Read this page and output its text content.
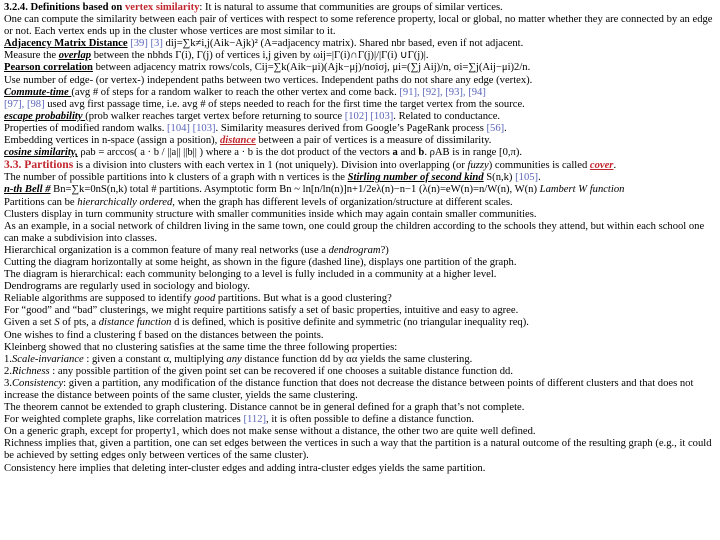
3.2.4. Definitions based on vertex similarity: It is natural to assume that communities are groups of similar vertices.
One can compute the similarity between each pair of vertices with respect to some reference property, local or global, no matter whether they are connected by an edge or not. Each vertex ends up in the cluster whose vertices are most similar to it.
Adjacency Matrix Distance [39] [3] dij=∑k≠i,j(Aik−Ajk)² (A=adjacency matrix). Shared nbr based, even if not adjacent.
Measure the overlap between the nbhds Γ(i), Γ(j) of vertices i,j given by ωij=|Γ(i)∩Γ(j)|/|Γ(i) ∪Γ(j)|.
Pearson correlation between adjacency matrix rows/cols, Cij=∑k(Aik−μi)(Ajk−μj)/nσiσj, μi=(∑j Aij)/n, σi=∑j(Aij−μi)2/n.
Use number of edge- (or vertex-) independent paths between two vertices. Independent paths do not share any edge (vertex).
Commute-time (avg # of steps for a random walker to reach the other vertex and come back. [91], [92], [93], [94]
[97], [98] used avg first passage time, i.e. avg # of steps needed to reach for the first time the target vertex from the source.
escape probability (prob walker reaches target vertex before returning to source [102] [103]. Related to conductance.
Properties of modified random walks. [104] [103]. Similarity measures derived from Google’s PageRank process [56].
Embedding vertices in n-space (assign a position), distance between a pair of vertices is a measure of dissimilarity.
cosine similarity, ρab = arccos( a · b / ||a|| ||b|| ) where a · b is the dot product of the vectors a and b. ρAB is in range [0,π).
3.3. Partitions is a division into clusters with each vertex in 1 (not uniquely). Division into overlapping (or fuzzy) communities is called cover.
The number of possible partitions into k clusters of a graph with n vertices is the Stirling number of second kind S(n,k) [105].
n-th Bell # Bn=∑k=0nS(n,k) total # partitions. Asymptotic form Bn ~ ln[n/ln(n)]n+1/2eλ(n)−n−1 (λ(n)=eW(n)=n/W(n), W(n) Lambert W function
Partitions can be hierarchically ordered, when the graph has different levels of organization/structure at different scales.
Clusters display in turn community structure with smaller communities inside which may again contain smaller communities.
As an example, in a social network of children living in the same town, one could group the children according to the schools they attend, but within each school one can make a subdivision into classes.
Hierarchical organization is a common feature of many real networks (use a dendrogram?)
Cutting the diagram horizontally at some height, as shown in the figure (dashed line), displays one partition of the graph.
The diagram is hierarchical: each community belonging to a level is fully included in a community at a higher level.
Dendrograms are regularly used in sociology and biology.
Reliable algorithms are supposed to identify good partitions. But what is a good clustering?
For “good” and “bad” clusterings, we might require partitions satisfy a set of basic properties, intuitive and easy to agree.
Given a set S of pts, a distance function d is defined, which is positive definite and symmetric (no triangular inequality req).
One wishes to find a clustering f based on the distances between the points.
Kleinberg showed that no clustering satisfies at the same time the three following properties:
1.Scale-invariance : given a constant α, multiplying any distance function dd by αα yields the same clustering.
2.Richness : any possible partition of the given point set can be recovered if one chooses a suitable distance function dd.
3.Consistency: given a partition, any modification of the distance function that does not decrease the distance between points of different clusters and that does not increase the distance between points of the same cluster, yields the same clustering.
The theorem cannot be extended to graph clustering. Distance cannot be in general defined for a graph that’s not complete.
For weighted complete graphs, like correlation matrices [112], it is often possible to define a distance function.
On a generic graph, except for property1, which does not make sense without a distance, the other two are quite well defined.
Richness implies that, given a partition, one can set edges between the vertices in such a way that the partition is a natural outcome of the resulting graph (e.g., it could be achieved by setting edges only between vertices of the same cluster).
Consistency here implies that deleting inter-cluster edges and adding intra-cluster edges yields the same partition.
